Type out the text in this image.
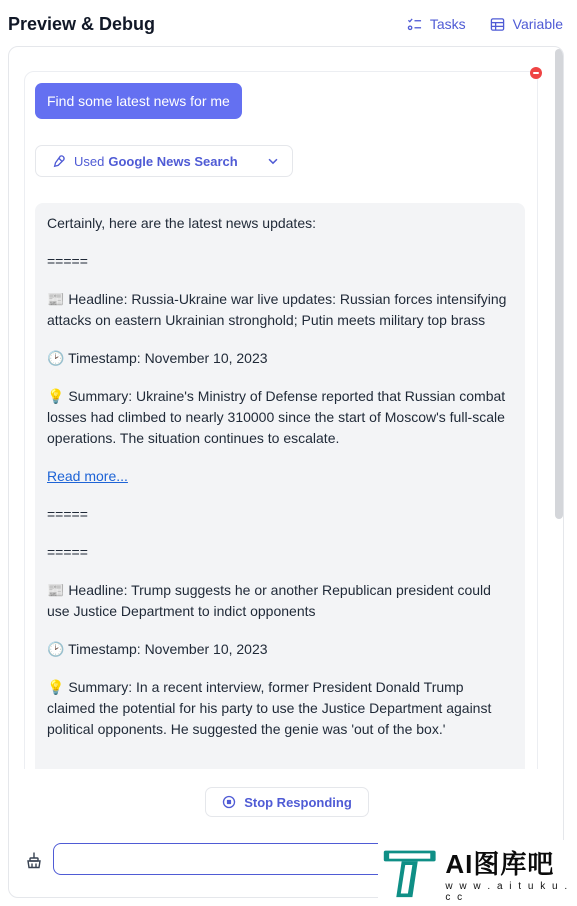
Preview & Debug	Tasks	Variable
Find some latest news for me
Used Google News Search

Certainly, here are the latest news updates:

=====

📰 Headline: Russia-Ukraine war live updates: Russian forces intensifying attacks on eastern Ukrainian stronghold; Putin meets military top brass

🕑 Timestamp: November 10, 2023

💡 Summary: Ukraine's Ministry of Defense reported that Russian combat losses had climbed to nearly 310000 since the start of Moscow's full-scale operations. The situation continues to escalate.

Read more...

=====

=====

📰 Headline: Trump suggests he or another Republican president could use Justice Department to indict opponents

🕑 Timestamp: November 10, 2023

💡 Summary: In a recent interview, former President Donald Trump claimed the potential for his party to use the Justice Department against political opponents. He suggested the genie was 'out of the box.'

Stop Responding
AI图库吧
w w w . a i t u k u . c c
